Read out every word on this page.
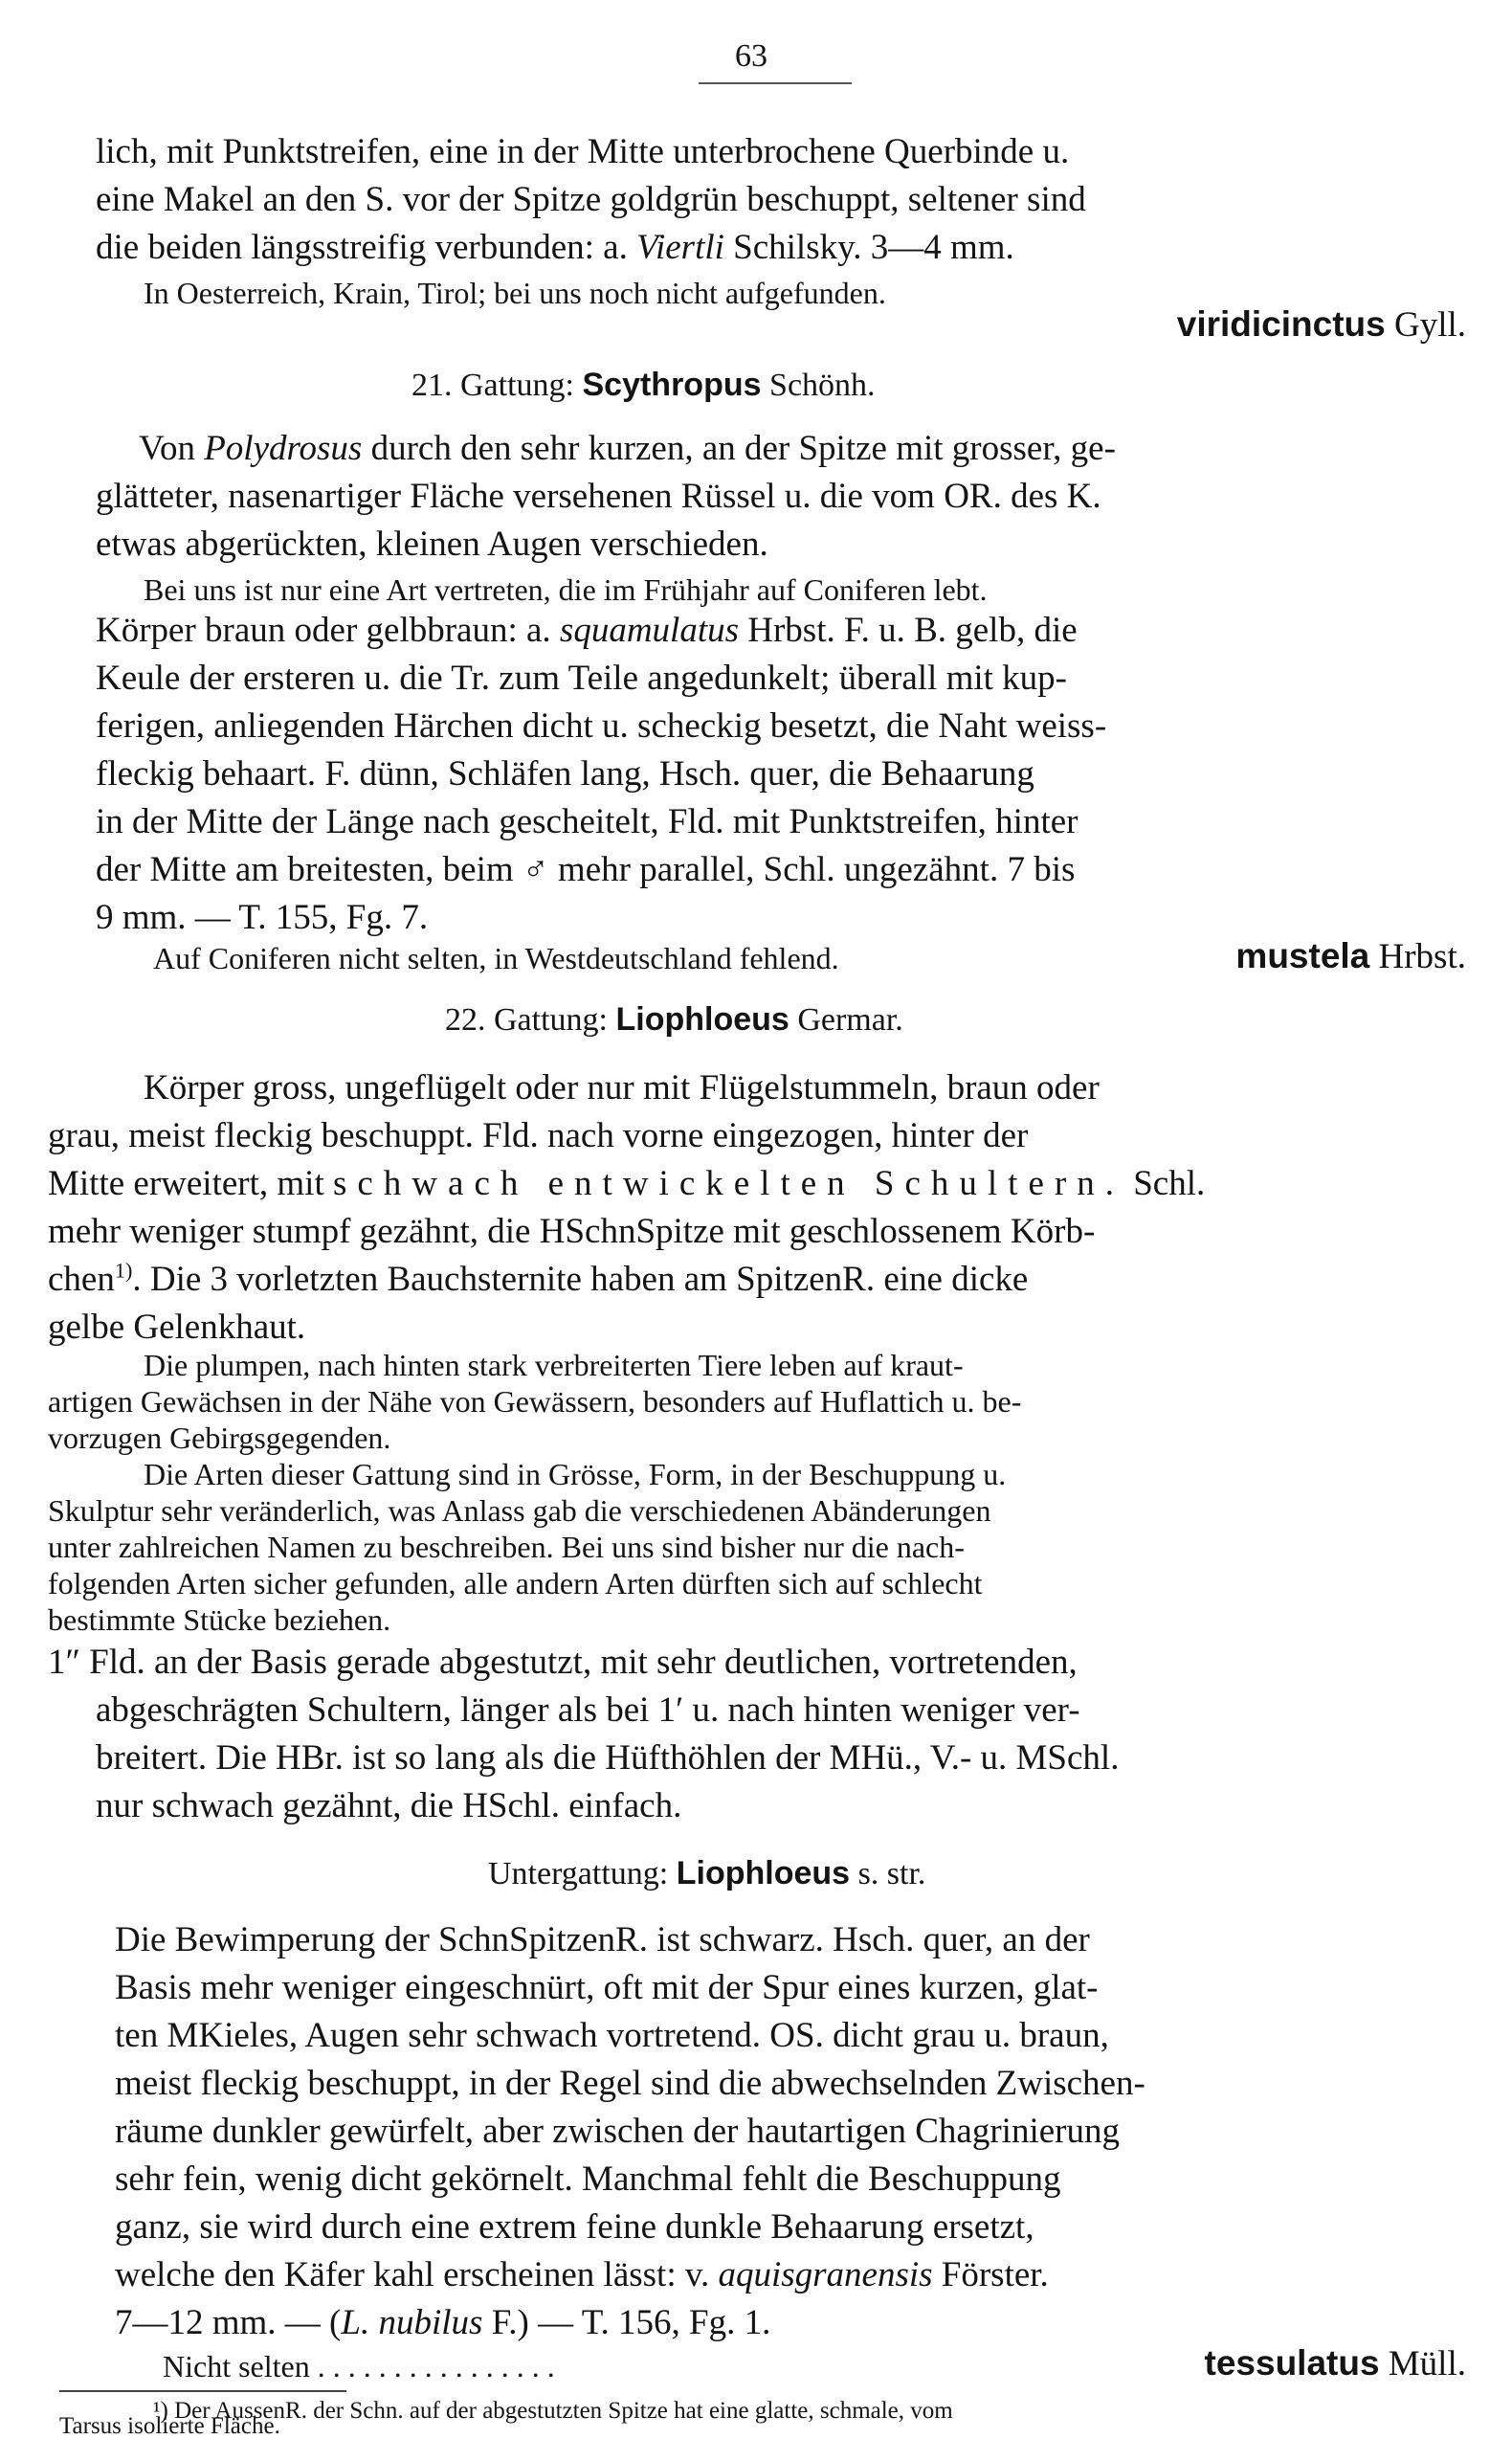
63
lich, mit Punktstreifen, eine in der Mitte unterbrochene Querbinde u.
eine Makel an den S. vor der Spitze goldgrün beschuppt, seltener sind
die beiden längsstreifig verbunden: a. Viertli Schilsky. 3—4 mm.
In Oesterreich, Krain, Tirol; bei uns noch nicht aufgefunden.
viridicinctus Gyll.
21. Gattung: Scythropus Schönh.
Von Polydrosus durch den sehr kurzen, an der Spitze mit grosser, ge-
glätteter, nasenartiger Fläche versehenen Rüssel u. die vom OR. des K.
etwas abgerückten, kleinen Augen verschieden.
Bei uns ist nur eine Art vertreten, die im Frühjahr auf Coniferen lebt.
Körper braun oder gelbbraun: a. squamulatus Hrbst. F. u. B. gelb, die
Keule der ersteren u. die Tr. zum Teile angedunkelt; überall mit kup-
ferigen, anliegenden Härchen dicht u. scheckig besetzt, die Naht weiss-
fleckig behaart. F. dünn, Schläfen lang, Hsch. quer, die Behaarung
in der Mitte der Länge nach gescheitelt, Fld. mit Punktstreifen, hinter
der Mitte am breitesten, beim ♂ mehr parallel, Schl. ungezähnt. 7 bis
9 mm. — T. 155, Fg. 7.
Auf Coniferen nicht selten, in Westdeutschland fehlend.	mustela Hrbst.
22. Gattung: Liophloeus Germar.
Körper gross, ungeflügelt oder nur mit Flügelstummeln, braun oder
grau, meist fleckig beschuppt. Fld. nach vorne eingezogen, hinter der
Mitte erweitert, mit schwach entwickelten Schultern. Schl.
mehr weniger stumpf gezähnt, die HSchnSpitze mit geschlossenem Körb-
chen$^{1)}$. Die 3 vorletzten Bauchsternite haben am SpitzenR. eine dicke
gelbe Gelenkhaut.
Die plumpen, nach hinten stark verbreiterten Tiere leben auf kraut-
artigen Gewächsen in der Nähe von Gewässern, besonders auf Huflattich u. be-
vorzugen Gebirgsgegenden.
Die Arten dieser Gattung sind in Grösse, Form, in der Beschuppung u.
Skulptur sehr veränderlich, was Anlass gab die verschiedenen Abänderungen
unter zahlreichen Namen zu beschreiben. Bei uns sind bisher nur die nach-
folgenden Arten sicher gefunden, alle andern Arten dürften sich auf schlecht
bestimmte Stücke beziehen.
1″ Fld. an der Basis gerade abgestutzt, mit sehr deutlichen, vortretenden,
abgeschrägten Schultern, länger als bei 1′ u. nach hinten weniger ver-
breitert. Die HBr. ist so lang als die Hüfthöhlen der MHü., V.- u. MSchl.
nur schwach gezähnt, die HSchl. einfach.
Untergattung: Liophloeus s. str.
Die Bewimperung der SchnSpitzenR. ist schwarz. Hsch. quer, an der
Basis mehr weniger eingeschnürt, oft mit der Spur eines kurzen, glat-
ten MKieles, Augen sehr schwach vortretend. OS. dicht grau u. braun,
meist fleckig beschuppt, in der Regel sind die abwechselnden Zwischen-
räume dunkler gewürfelt, aber zwischen der hautartigen Chagrinierung
sehr fein, wenig dicht gekörnelt. Manchmal fehlt die Beschuppung
ganz, sie wird durch eine extrem feine dunkle Behaarung ersetzt,
welche den Käfer kahl erscheinen lässt: v. aquisgranensis Förster.
7—12 mm. — (L. nubilus F.) — T. 156, Fg. 1.
Nicht selten . . . . . . . . . . . . . . . .	tessulatus Müll.
¹) Der AussenR. der Schn. auf der abgestutzten Spitze hat eine glatte, schmale, vom
Tarsus isolierte Fläche.
